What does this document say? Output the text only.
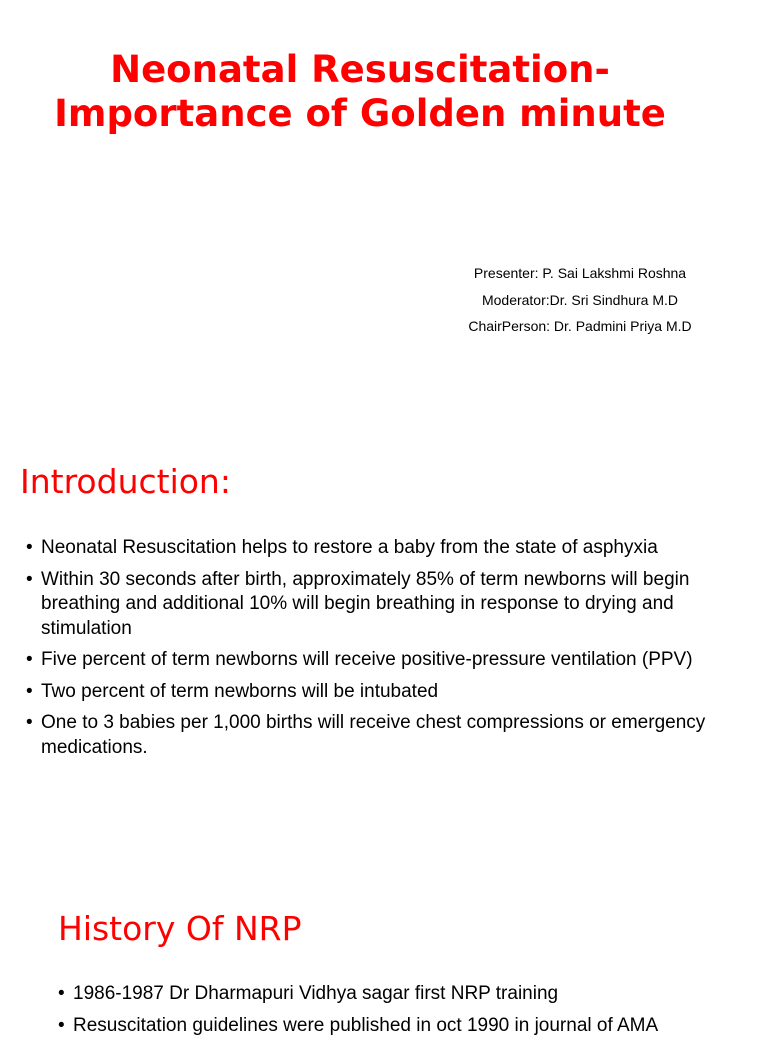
Neonatal Resuscitation- Importance of Golden minute
Presenter: P. Sai Lakshmi Roshna
Moderator:Dr. Sri Sindhura M.D
ChairPerson: Dr. Padmini Priya M.D
Introduction:
• Neonatal Resuscitation helps to restore a baby from the state of asphyxia
• Within 30 seconds after birth, approximately 85% of term newborns will begin breathing and additional 10% will begin breathing in response to drying and stimulation
• Five percent of term newborns will receive positive-pressure ventilation (PPV)
• Two percent of term newborns will be intubated
• One to 3 babies per 1,000 births will receive chest compressions or emergency medications.
History Of NRP
• 1986-1987 Dr Dharmapuri Vidhya sagar first NRP training
• Resuscitation guidelines were published in oct 1990 in journal of AMA
